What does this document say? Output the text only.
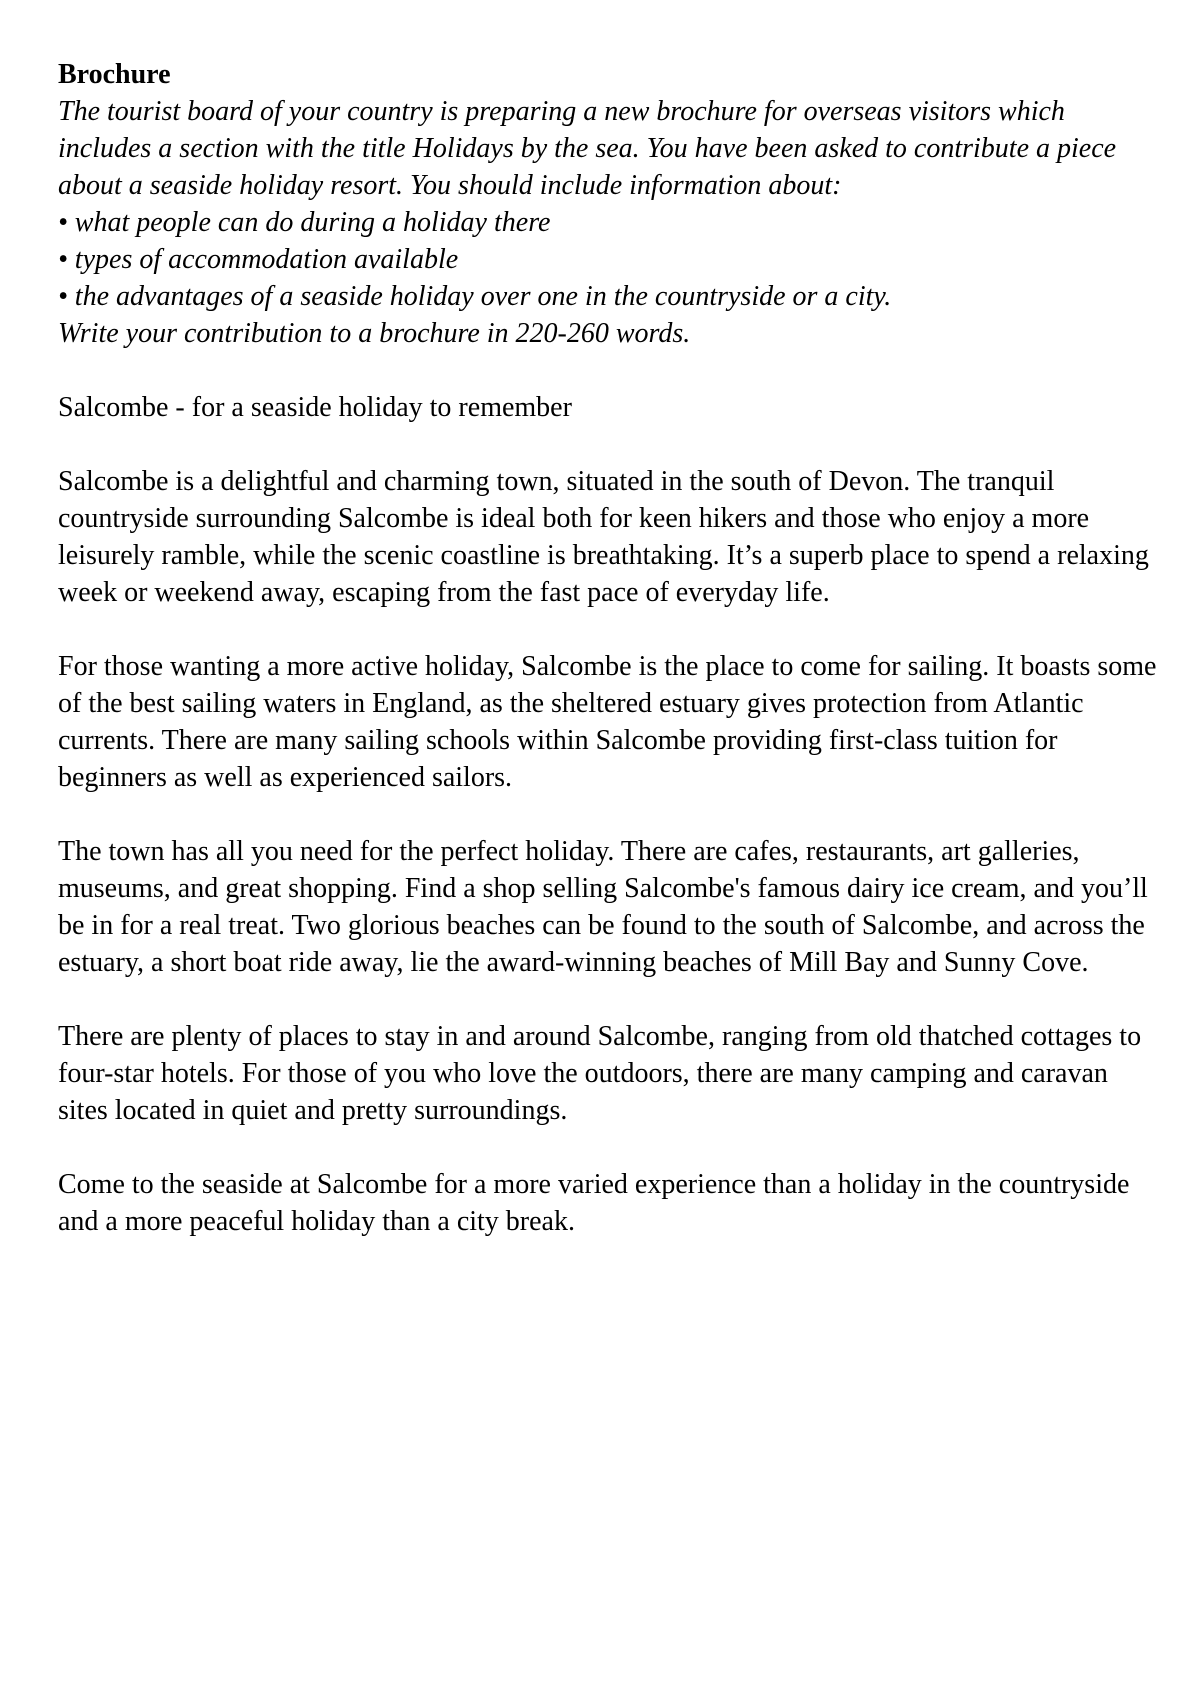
Brochure

The tourist board of your country is preparing a new brochure for overseas visitors which includes a section with the title Holidays by the sea. You have been asked to contribute a piece about a seaside holiday resort. You should include information about:
• what people can do during a holiday there
• types of accommodation available
• the advantages of a seaside holiday over one in the countryside or a city.
Write your contribution to a brochure in 220-260 words.

Salcombe - for a seaside holiday to remember

Salcombe is a delightful and charming town, situated in the south of Devon. The tranquil countryside surrounding Salcombe is ideal both for keen hikers and those who enjoy a more leisurely ramble, while the scenic coastline is breathtaking. It’s a superb place to spend a relaxing week or weekend away, escaping from the fast pace of everyday life.

For those wanting a more active holiday, Salcombe is the place to come for sailing. It boasts some of the best sailing waters in England, as the sheltered estuary gives protection from Atlantic currents. There are many sailing schools within Salcombe providing first-class tuition for beginners as well as experienced sailors.

The town has all you need for the perfect holiday. There are cafes, restaurants, art galleries, museums, and great shopping. Find a shop selling Salcombe's famous dairy ice cream, and you’ll be in for a real treat. Two glorious beaches can be found to the south of Salcombe, and across the estuary, a short boat ride away, lie the award-winning beaches of Mill Bay and Sunny Cove.

There are plenty of places to stay in and around Salcombe, ranging from old thatched cottages to four-star hotels. For those of you who love the outdoors, there are many camping and caravan sites located in quiet and pretty surroundings.

Come to the seaside at Salcombe for a more varied experience than a holiday in the countryside and a more peaceful holiday than a city break.
